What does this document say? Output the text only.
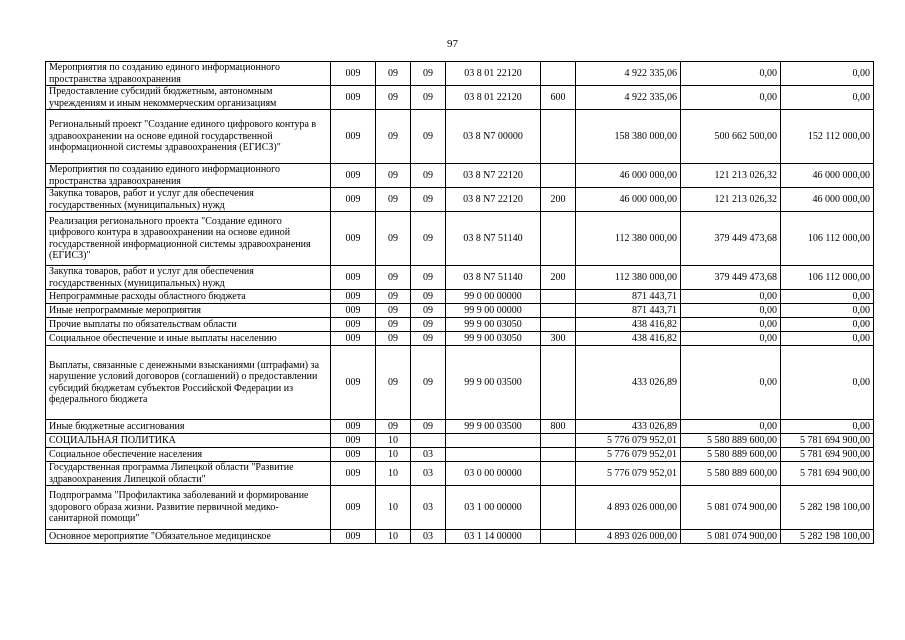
97
Мероприятия по созданию единого информационного пространства здравоохранения	009	09	09	03 8 01 22120		4 922 335,06	0,00	0,00
Предоставление субсидий бюджетным, автономным учреждениям и иным некоммерческим организациям	009	09	09	03 8 01 22120	600	4 922 335,06	0,00	0,00
Региональный проект "Создание единого цифрового контура в здравоохранении на основе единой государственной информационной системы здравоохранения (ЕГИСЗ)"	009	09	09	03 8 N7 00000		158 380 000,00	500 662 500,00	152 112 000,00
Мероприятия по созданию единого информационного пространства здравоохранения	009	09	09	03 8 N7 22120		46 000 000,00	121 213 026,32	46 000 000,00
Закупка товаров, работ и услуг для обеспечения государственных (муниципальных) нужд	009	09	09	03 8 N7 22120	200	46 000 000,00	121 213 026,32	46 000 000,00
Реализация регионального проекта "Создание единого цифрового контура в здравоохранении на основе единой государственной информационной системы здравоохранения (ЕГИСЗ)"	009	09	09	03 8 N7 51140		112 380 000,00	379 449 473,68	106 112 000,00
Закупка товаров, работ и услуг для обеспечения государственных (муниципальных) нужд	009	09	09	03 8 N7 51140	200	112 380 000,00	379 449 473,68	106 112 000,00
Непрограммные расходы областного бюджета	009	09	09	99 0 00 00000		871 443,71	0,00	0,00
Иные непрограммные мероприятия	009	09	09	99 9 00 00000		871 443,71	0,00	0,00
Прочие выплаты по обязательствам области	009	09	09	99 9 00 03050		438 416,82	0,00	0,00
Социальное обеспечение и иные выплаты населению	009	09	09	99 9 00 03050	300	438 416,82	0,00	0,00
Выплаты, связанные с денежными взысканиями (штрафами) за нарушение условий договоров (соглашений) о предоставлении субсидий бюджетам субъектов Российской Федерации из федерального бюджета	009	09	09	99 9 00 03500		433 026,89	0,00	0,00
Иные бюджетные ассигнования	009	09	09	99 9 00 03500	800	433 026,89	0,00	0,00
СОЦИАЛЬНАЯ ПОЛИТИКА	009	10				5 776 079 952,01	5 580 889 600,00	5 781 694 900,00
Социальное обеспечение населения	009	10	03			5 776 079 952,01	5 580 889 600,00	5 781 694 900,00
Государственная программа Липецкой области "Развитие здравоохранения Липецкой области"	009	10	03	03 0 00 00000		5 776 079 952,01	5 580 889 600,00	5 781 694 900,00
Подпрограмма "Профилактика заболеваний и формирование здорового образа жизни. Развитие первичной медико-санитарной помощи"	009	10	03	03 1 00 00000		4 893 026 000,00	5 081 074 900,00	5 282 198 100,00
Основное мероприятие "Обязательное медицинское	009	10	03	03 1 14 00000		4 893 026 000,00	5 081 074 900,00	5 282 198 100,00
